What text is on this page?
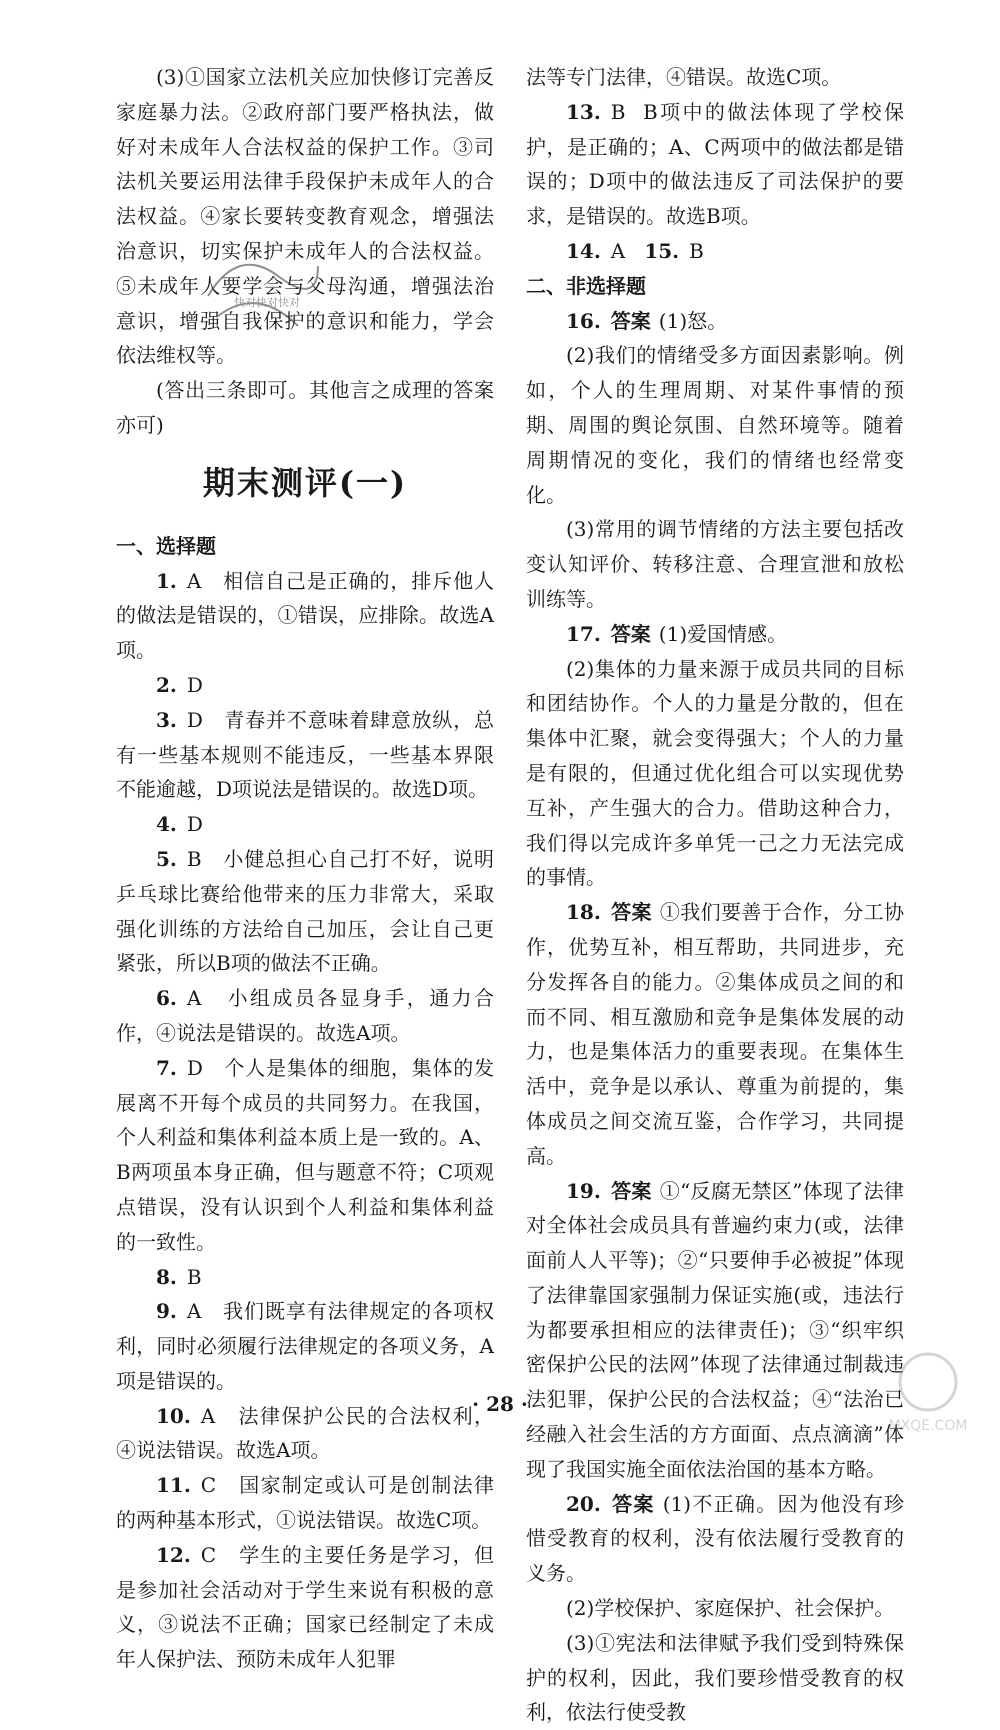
(3)①国家立法机关应加快修订完善反家庭暴力法。②政府部门要严格执法，做好对未成年人合法权益的保护工作。③司法机关要运用法律手段保护未成年人的合法权益。④家长要转变教育观念，增强法治意识，切实保护未成年人的合法权益。⑤未成年人要学会与父母沟通，增强法治意识，增强自我保护的意识和能力，学会依法维权等。

(答出三条即可。其他言之成理的答案亦可)

期末测评(一)

一、选择题

1. A 相信自己是正确的，排斥他人的做法是错误的，①错误，应排除。故选A项。

2. D

3. D 青春并不意味着肆意放纵，总有一些基本规则不能违反，一些基本界限不能逾越，D项说法是错误的。故选D项。

4. D

5. B 小健总担心自己打不好，说明乒乓球比赛给他带来的压力非常大，采取强化训练的方法给自己加压，会让自己更紧张，所以B项的做法不正确。

6. A 小组成员各显身手，通力合作，④说法是错误的。故选A项。

7. D 个人是集体的细胞，集体的发展离不开每个成员的共同努力。在我国，个人利益和集体利益本质上是一致的。A、B两项虽本身正确，但与题意不符；C项观点错误，没有认识到个人利益和集体利益的一致性。

8. B

9. A 我们既享有法律规定的各项权利，同时必须履行法律规定的各项义务，A项是错误的。

10. A 法律保护公民的合法权利，④说法错误。故选A项。

11. C 国家制定或认可是创制法律的两种基本形式，①说法错误。故选C项。

12. C 学生的主要任务是学习，但是参加社会活动对于学生来说有积极的意义，③说法不正确；国家已经制定了未成年人保护法、预防未成年人犯罪

法等专门法律，④错误。故选C项。

13. B B项中的做法体现了学校保护，是正确的；A、C两项中的做法都是错误的；D项中的做法违反了司法保护的要求，是错误的。故选B项。

14. A 15. B

二、非选择题

16. 答案 (1)怒。

(2)我们的情绪受多方面因素影响。例如，个人的生理周期、对某件事情的预期、周围的舆论氛围、自然环境等。随着周期情况的变化，我们的情绪也经常变化。

(3)常用的调节情绪的方法主要包括改变认知评价、转移注意、合理宣泄和放松训练等。

17. 答案 (1)爱国情感。

(2)集体的力量来源于成员共同的目标和团结协作。个人的力量是分散的，但在集体中汇聚，就会变得强大；个人的力量是有限的，但通过优化组合可以实现优势互补，产生强大的合力。借助这种合力，我们得以完成许多单凭一己之力无法完成的事情。

18. 答案 ①我们要善于合作，分工协作，优势互补，相互帮助，共同进步，充分发挥各自的能力。②集体成员之间的和而不同、相互激励和竞争是集体发展的动力，也是集体活力的重要表现。在集体生活中，竞争是以承认、尊重为前提的，集体成员之间交流互鉴，合作学习，共同提高。

19. 答案 ①“反腐无禁区”体现了法律对全体社会成员具有普遍约束力(或，法律面前人人平等)；②“只要伸手必被捉”体现了法律靠国家强制力保证实施(或，违法行为都要承担相应的法律责任)；③“织牢织密保护公民的法网”体现了法律通过制裁违法犯罪，保护公民的合法权益；④“法治已经融入社会生活的方方面面、点点滴滴”体现了我国实施全面依法治国的基本方略。

20. 答案 (1)不正确。因为他没有珍惜受教育的权利，没有依法履行受教育的义务。

(2)学校保护、家庭保护、社会保护。

(3)①宪法和法律赋予我们受到特殊保护的权利，因此，我们要珍惜受教育的权利，依法行使受教

快对快对快对
· 28 ·
MXQE.COM
